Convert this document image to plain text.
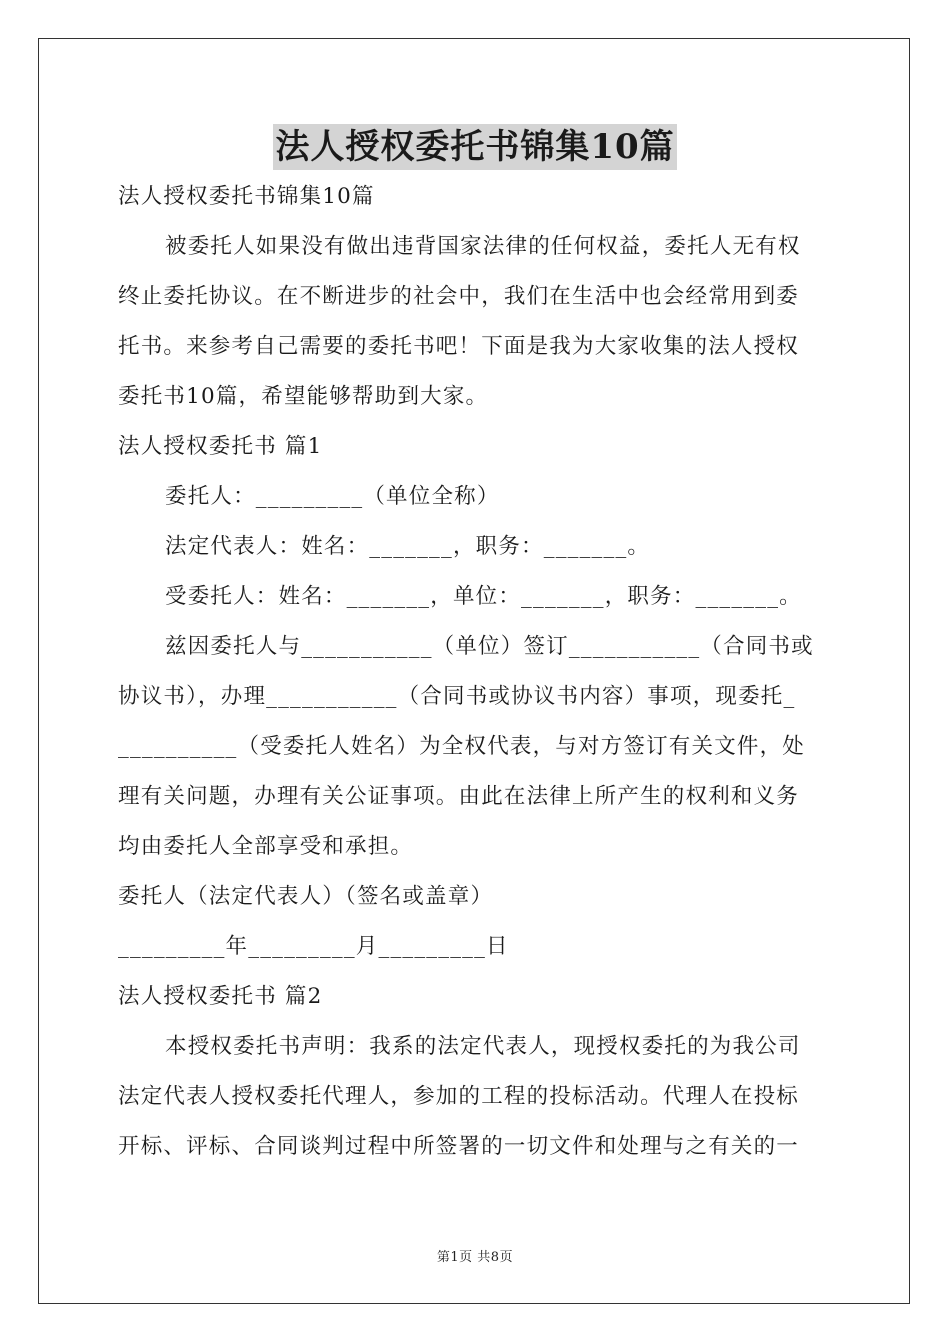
法人授权委托书锦集10篇
法人授权委托书锦集10篇
被委托人如果没有做出违背国家法律的任何权益，委托人无有权
终止委托协议。在不断进步的社会中，我们在生活中也会经常用到委
托书。来参考自己需要的委托书吧！下面是我为大家收集的法人授权
委托书10篇，希望能够帮助到大家。
法人授权委托书 篇1
委托人：_________（单位全称）
法定代表人：姓名：_______，职务：_______。
受委托人：姓名：_______，单位：_______，职务：_______。
兹因委托人与___________（单位）签订___________（合同书或
协议书），办理___________（合同书或协议书内容）事项，现委托_
__________（受委托人姓名）为全权代表，与对方签订有关文件，处
理有关问题，办理有关公证事项。由此在法律上所产生的权利和义务
均由委托人全部享受和承担。
委托人（法定代表人）（签名或盖章）
_________年_________月_________日
法人授权委托书 篇2
本授权委托书声明：我系的法定代表人，现授权委托的为我公司
法定代表人授权委托代理人，参加的工程的投标活动。代理人在投标
开标、评标、合同谈判过程中所签署的一切文件和处理与之有关的一
第1页 共8页
